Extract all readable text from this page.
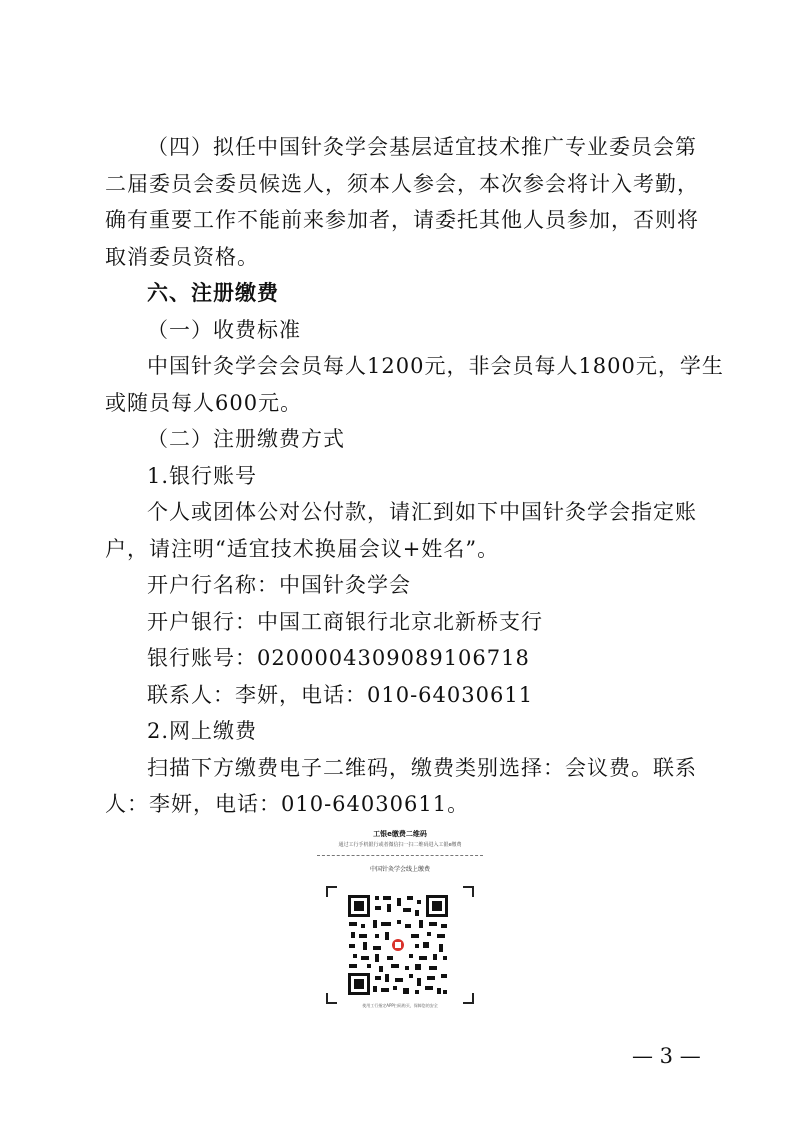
（四）拟任中国针灸学会基层适宜技术推广专业委员会第
二届委员会委员候选人，须本人参会，本次参会将计入考勤，
确有重要工作不能前来参加者，请委托其他人员参加，否则将
取消委员资格。
六、注册缴费
（一）收费标准
中国针灸学会会员每人1200元，非会员每人1800元，学生
或随员每人600元。
（二）注册缴费方式
1.银行账号
个人或团体公对公付款，请汇到如下中国针灸学会指定账
户，请注明“适宜技术换届会议+姓名”。
开户行名称：中国针灸学会
开户银行：中国工商银行北京北新桥支行
银行账号：0200004309089106718
联系人：李妍，电话：010-64030611
2.网上缴费
扫描下方缴费电子二维码，缴费类别选择：会议费。联系
人：李妍，电话：010-64030611。
工银e缴费二维码
通过工行手机银行或者微信扫一扫二维码进入工银e缴费
中国针灸学会线上缴费
使用工行指定APP扫码购买，保障您的安全
— 3 —
